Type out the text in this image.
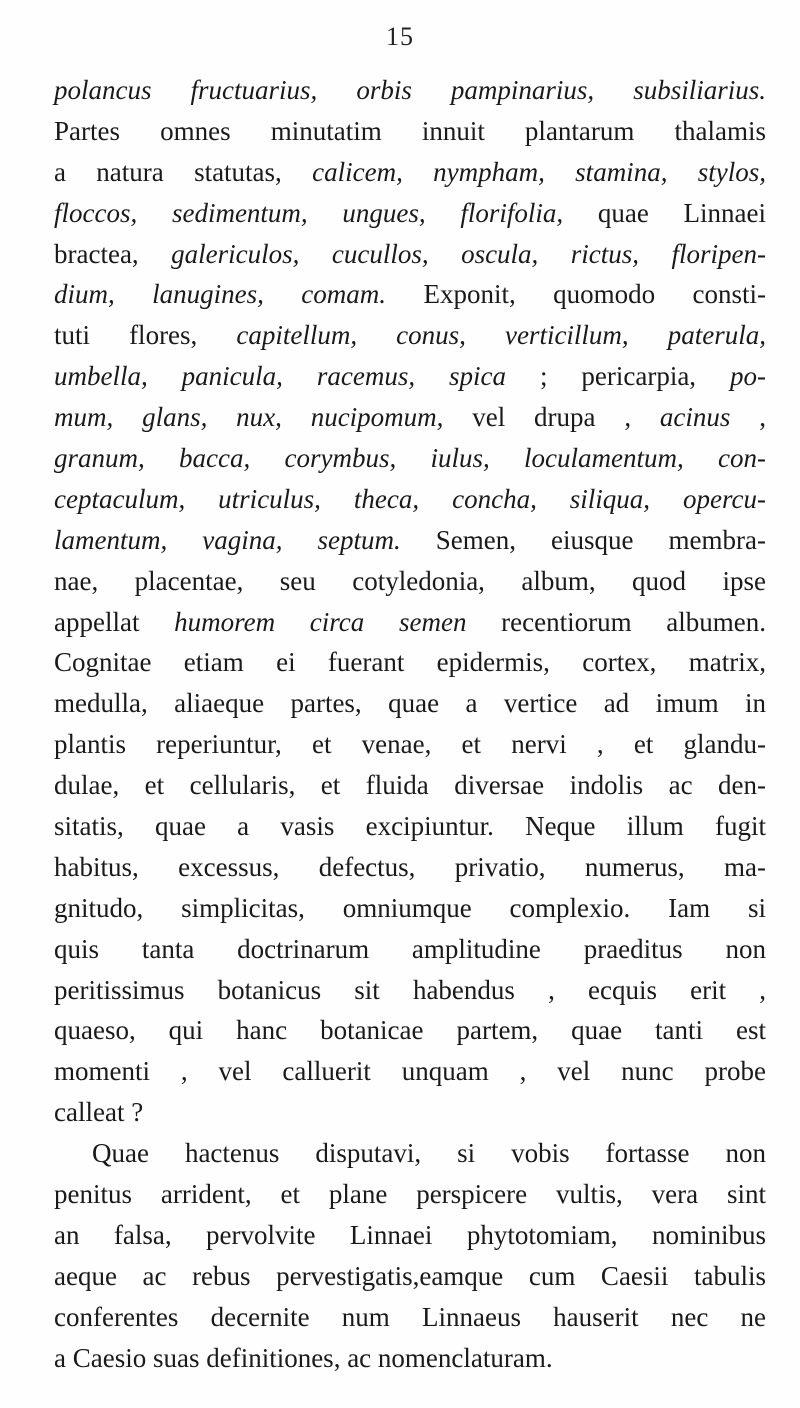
15
polancus fructuarius, orbis pampinarius, subsiliarius.
Partes omnes minutatim innuit plantarum thalamis
a natura statutas, calicem, nympham, stamina, stylos,
floccos, sedimentum, ungues, florifolia, quae Linnaei
bractea, galericulos, cucullos, oscula, rictus, floripen-
dium, lanugines, comam. Exponit, quomodo consti-
tuti flores, capitellum, conus, verticillum, paterula,
umbella, panicula, racemus, spica ; pericarpia, po-
mum, glans, nux, nucipomum, vel drupa , acinus ,
granum, bacca, corymbus, iulus, loculamentum, con-
ceptaculum, utriculus, theca, concha, siliqua, opercu-
lamentum, vagina, septum. Semen, eiusque membra-
nae, placentae, seu cotyledonia, album, quod ipse
appellat humorem circa semen recentiorum albumen.
Cognitae etiam ei fuerant epidermis, cortex, matrix,
medulla, aliaeque partes, quae a vertice ad imum in
plantis reperiuntur, et venae, et nervi , et glandu-
dulae, et cellularis, et fluida diversae indolis ac den-
sitatis, quae a vasis excipiuntur. Neque illum fugit
habitus, excessus, defectus, privatio, numerus, ma-
gnitudo, simplicitas, omniumque complexio. Iam si
quis tanta doctrinarum amplitudine praeditus non
peritissimus botanicus sit habendus , ecquis erit ,
quaeso, qui hanc botanicae partem, quae tanti est
momenti , vel calluerit unquam , vel nunc probe
calleat ?
Quae hactenus disputavi, si vobis fortasse non
penitus arrident, et plane perspicere vultis, vera sint
an falsa, pervolvite Linnaei phytotomiam, nominibus
aeque ac rebus pervestigatis,eamque cum Caesii tabulis
conferentes decernite num Linnaeus hauserit nec ne
a Caesio suas definitiones, ac nomenclaturam.
